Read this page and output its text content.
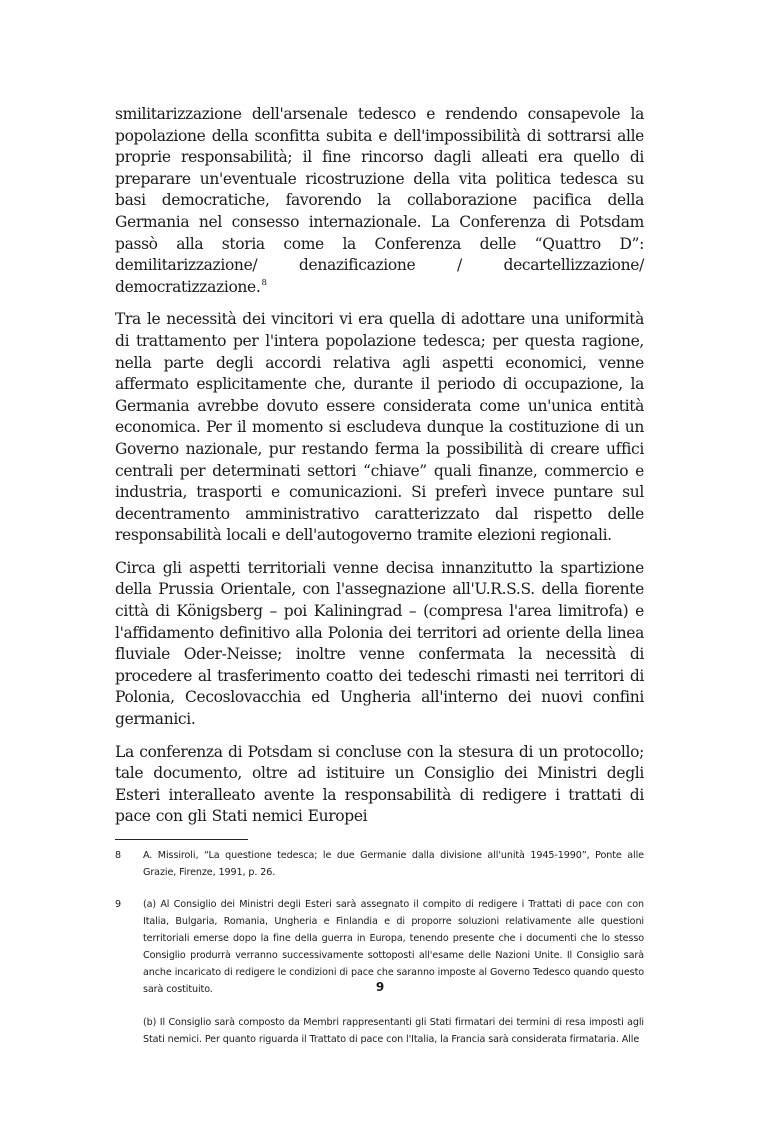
smilitarizzazione dell'arsenale tedesco e rendendo consapevole la popolazione della sconfitta subita e dell'impossibilità di sottrarsi alle proprie responsabilità; il fine rincorso dagli alleati era quello di preparare un'eventuale ricostruzione della vita politica tedesca su basi democratiche, favorendo la collaborazione pacifica della Germania nel consesso internazionale. La Conferenza di Potsdam passò alla storia come la Conferenza delle “Quattro D”: demilitarizzazione/ denazificazione / decartellizzazione/ democratizzazione.$^8$

Tra le necessità dei vincitori vi era quella di adottare una uniformità di trattamento per l'intera popolazione tedesca; per questa ragione, nella parte degli accordi relativa agli aspetti economici, venne affermato esplicitamente che, durante il periodo di occupazione, la Germania avrebbe dovuto essere considerata come un'unica entità economica. Per il momento si escludeva dunque la costituzione di un Governo nazionale, pur restando ferma la possibilità di creare uffici centrali per determinati settori “chiave” quali finanze, commercio e industria, trasporti e comunicazioni. Si preferì invece puntare sul decentramento amministrativo caratterizzato dal rispetto delle responsabilità locali e dell'autogoverno tramite elezioni regionali.

Circa gli aspetti territoriali venne decisa innanzitutto la spartizione della Prussia Orientale, con l'assegnazione all'U.R.S.S. della fiorente città di Königsberg – poi Kaliningrad – (compresa l'area limitrofa) e l'affidamento definitivo alla Polonia dei territori ad oriente della linea fluviale Oder-Neisse; inoltre venne confermata la necessità di procedere al trasferimento coatto dei tedeschi rimasti nei territori di Polonia, Cecoslovacchia ed Ungheria all'interno dei nuovi confini germanici.

La conferenza di Potsdam si concluse con la stesura di un protocollo; tale documento, oltre ad istituire un Consiglio dei Ministri degli Esteri interalleato avente la responsabilità di redigere i trattati di pace con gli Stati nemici Europei

8 A. Missiroli, “La questione tedesca; le due Germanie dalla divisione all'unità 1945-1990”, Ponte alle Grazie, Firenze, 1991, p. 26.
9 (a) Al Consiglio dei Ministri degli Esteri sarà assegnato il compito di redigere i Trattati di pace con con Italia, Bulgaria, Romania, Ungheria e Finlandia e di proporre soluzioni relativamente alle questioni territoriali emerse dopo la fine della guerra in Europa, tenendo presente che i documenti che lo stesso Consiglio produrrà verranno successivamente sottoposti all'esame delle Nazioni Unite. Il Consiglio sarà anche incaricato di redigere le condizioni di pace che saranno imposte al Governo Tedesco quando questo sarà costituito.
(b) Il Consiglio sarà composto da Membri rappresentanti gli Stati firmatari dei termini di resa imposti agli Stati nemici. Per quanto riguarda il Trattato di pace con l'Italia, la Francia sarà considerata firmataria. Alle
9
